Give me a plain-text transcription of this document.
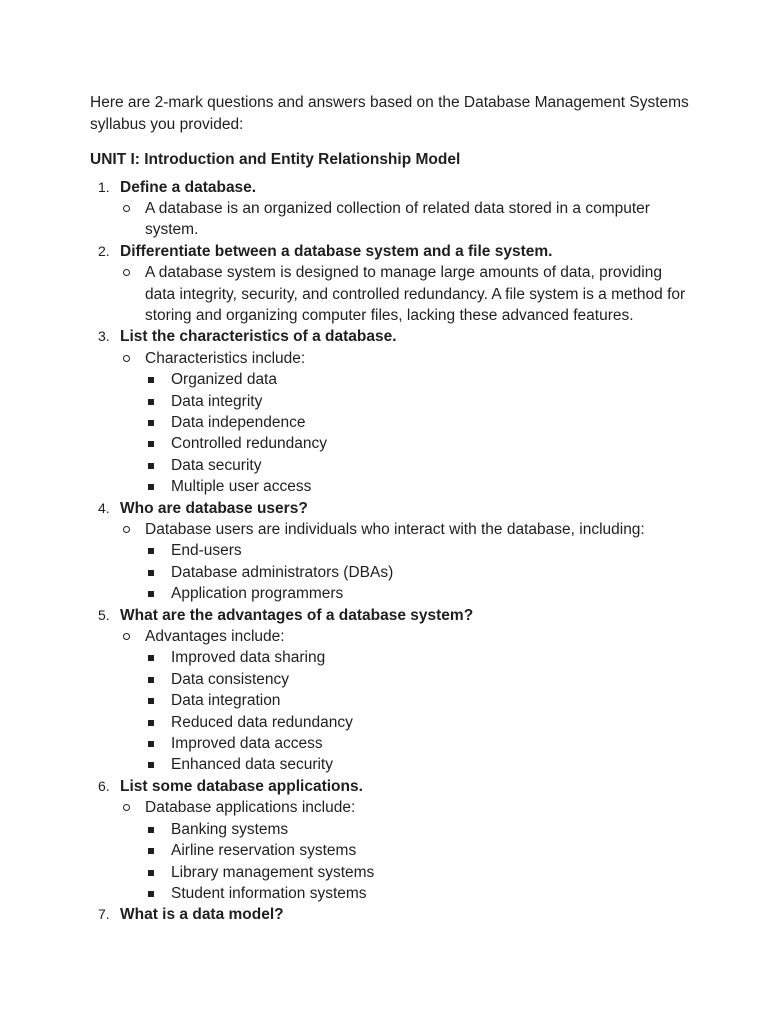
Here are 2-mark questions and answers based on the Database Management Systems syllabus you provided:

UNIT I: Introduction and Entity Relationship Model
1. Define a database.
A database is an organized collection of related data stored in a computer system.
2. Differentiate between a database system and a file system.
A database system is designed to manage large amounts of data, providing data integrity, security, and controlled redundancy. A file system is a method for storing and organizing computer files, lacking these advanced features.
3. List the characteristics of a database.
Characteristics include:
Organized data
Data integrity
Data independence
Controlled redundancy
Data security
Multiple user access
4. Who are database users?
Database users are individuals who interact with the database, including:
End-users
Database administrators (DBAs)
Application programmers
5. What are the advantages of a database system?
Advantages include:
Improved data sharing
Data consistency
Data integration
Reduced data redundancy
Improved data access
Enhanced data security
6. List some database applications.
Database applications include:
Banking systems
Airline reservation systems
Library management systems
Student information systems
7. What is a data model?
